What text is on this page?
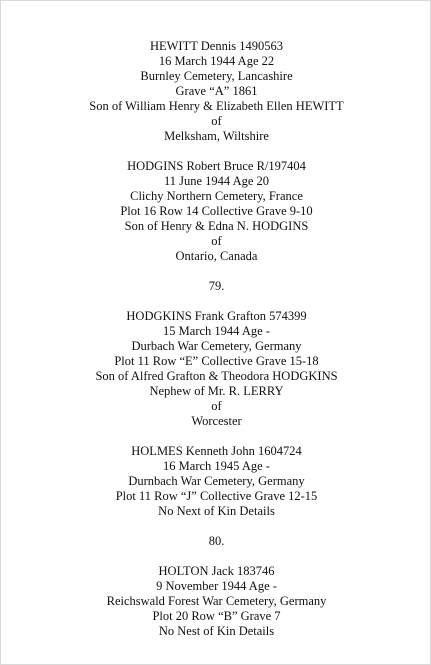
HEWITT Dennis 1490563
16 March 1944 Age 22
Burnley Cemetery, Lancashire
Grave “A” 1861
Son of William Henry & Elizabeth Ellen HEWITT
of
Melksham, Wiltshire
HODGINS Robert Bruce R/197404
11 June 1944 Age 20
Clichy Northern Cemetery, France
Plot 16 Row 14 Collective Grave 9-10
Son of Henry & Edna N. HODGINS
of
Ontario, Canada
79.
HODGKINS Frank Grafton 574399
15 March 1944 Age -
Durbach War Cemetery, Germany
Plot 11 Row “E” Collective Grave 15-18
Son of Alfred Grafton & Theodora HODGKINS
Nephew of Mr. R. LERRY
of
Worcester
HOLMES Kenneth John 1604724
16 March 1945 Age -
Durnbach War Cemetery, Germany
Plot 11 Row “J” Collective Grave 12-15
No Next of Kin Details
80.
HOLTON Jack 183746
9 November 1944 Age -
Reichswald Forest War Cemetery, Germany
Plot 20 Row “B” Grave 7
No Nest of Kin Details
